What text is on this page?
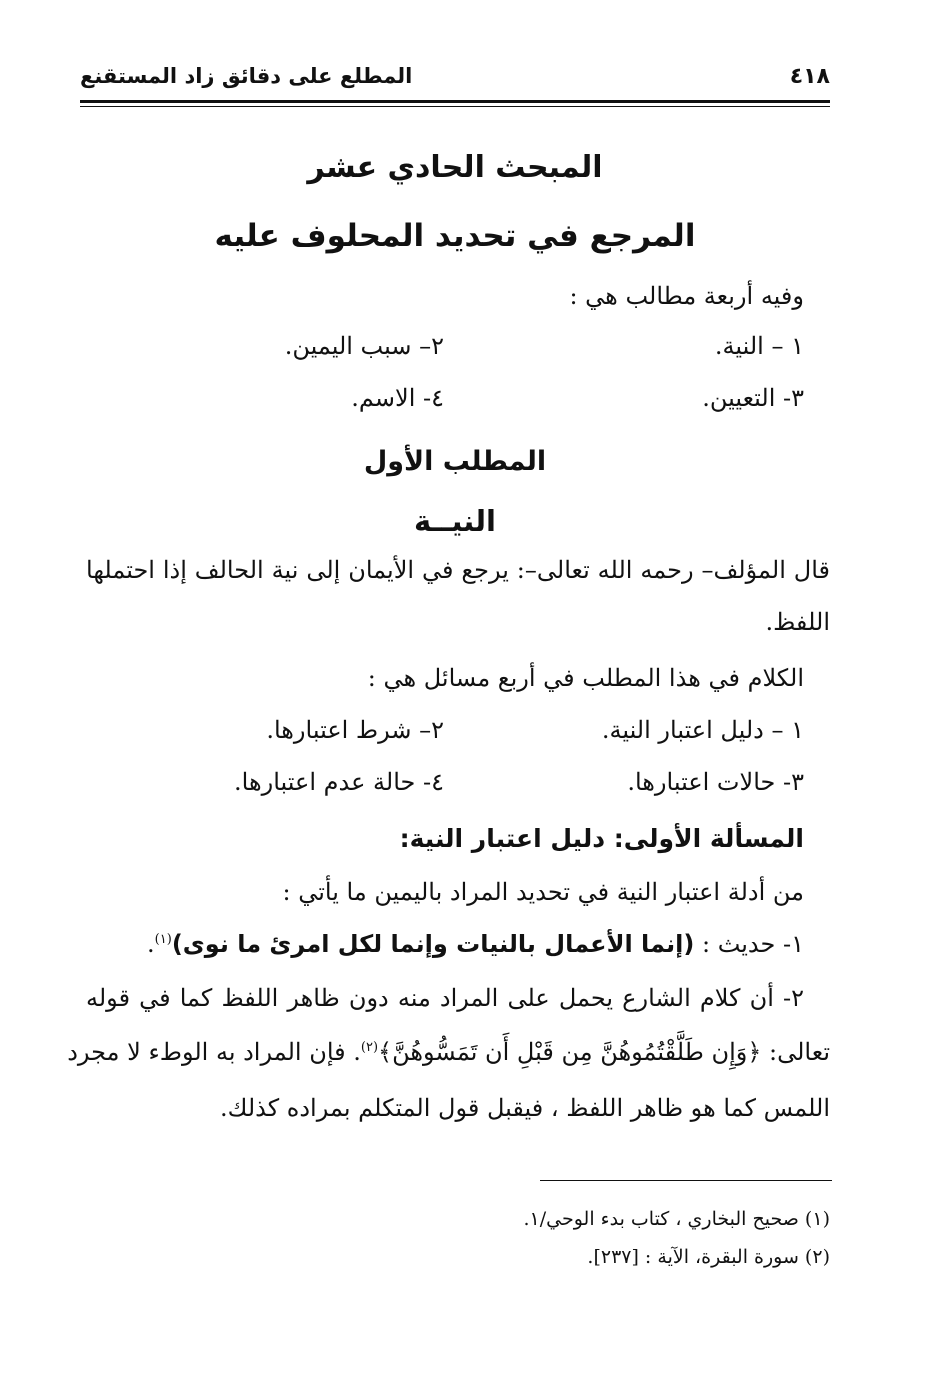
٤١٨
المطلع على دقائق زاد المستقنع
المبحث الحادي عشر
المرجع في تحديد المحلوف عليه
وفيه أربعة مطالب هي :
١ – النية.
٢– سبب اليمين.
٣- التعيين.
٤- الاسم.
المطلب الأول
النيــة
قال المؤلف– رحمه الله تعالى–: يرجع في الأيمان إلى نية الحالف إذا احتملها
اللفظ.
الكلام في هذا المطلب في أربع مسائل هي :
١ – دليل اعتبار النية.
٢– شرط اعتبارها.
٣- حالات اعتبارها.
٤- حالة عدم اعتبارها.
المسألة الأولى: دليل اعتبار النية:
من أدلة اعتبار النية في تحديد المراد باليمين ما يأتي :
١- حديث : (إنما الأعمال بالنيات وإنما لكل امرئ ما نوى)$^{(١)}$.
٢- أن كلام الشارع يحمل على المراد منه دون ظاهر اللفظ كما في قوله
تعالى: ﴿وَإِن طَلَّقْتُمُوهُنَّ مِن قَبْلِ أَن تَمَسُّوهُنَّ﴾$^{(٢)}$. فإن المراد به الوطء لا مجرد
اللمس كما هو ظاهر اللفظ ، فيقبل قول المتكلم بمراده كذلك.
(١) صحيح البخاري ، كتاب بدء الوحي/١.
(٢) سورة البقرة، الآية : [٢٣٧].
